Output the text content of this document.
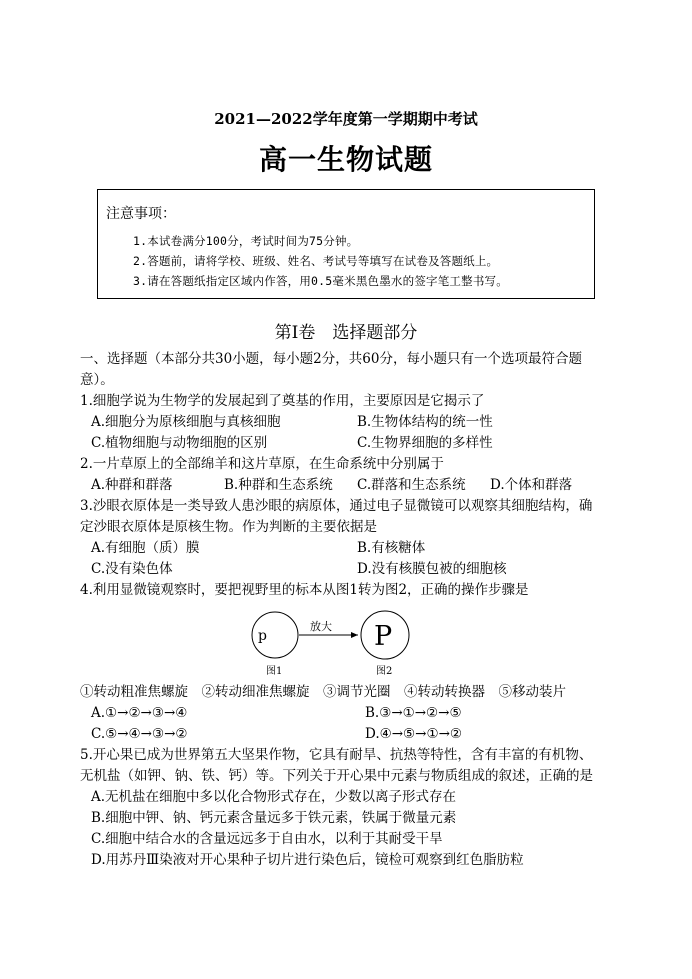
2021—2022学年度第一学期期中考试
高一生物试题
注意事项：
1.本试卷满分100分，考试时间为75分钟。
2.答题前，请将学校、班级、姓名、考试号等填写在试卷及答题纸上。
3.请在答题纸指定区域内作答，用0.5毫米黑色墨水的签字笔工整书写。
第Ⅰ卷　选择题部分
一、选择题（本部分共30小题，每小题2分，共60分，每小题只有一个选项最符合题
意）。
1.细胞学说为生物学的发展起到了奠基的作用，主要原因是它揭示了
A.细胞分为原核细胞与真核细胞	B.生物体结构的统一性
C.植物细胞与动物细胞的区别	C.生物界细胞的多样性
2.一片草原上的全部绵羊和这片草原，在生命系统中分别属于
A.种群和群落	B.种群和生态系统 C.群落和生态系统 D.个体和群落
3.沙眼衣原体是一类导致人患沙眼的病原体，通过电子显微镜可以观察其细胞结构，确
定沙眼衣原体是原核生物。作为判断的主要依据是
A.有细胞（质）膜	B.有核糖体
C.没有染色体	D.没有核膜包被的细胞核
4.利用显微镜观察时，要把视野里的标本从图1转为图2，正确的操作步骤是
p
放大 P
图1	图2
①转动粗准焦螺旋　②转动细准焦螺旋　③调节光圈　④转动转换器　⑤移动装片
A.①→②→③→④	B.③→①→②→⑤
C.⑤→④→③→②	D.④→⑤→①→②
5.开心果已成为世界第五大坚果作物，它具有耐旱、抗热等特性，含有丰富的有机物、
无机盐（如钾、钠、铁、钙）等。下列关于开心果中元素与物质组成的叙述，正确的是
A.无机盐在细胞中多以化合物形式存在，少数以离子形式存在
B.细胞中钾、钠、钙元素含量远多于铁元素，铁属于微量元素
C.细胞中结合水的含量远远多于自由水，以利于其耐受干旱
D.用苏丹Ⅲ染液对开心果种子切片进行染色后，镜检可观察到红色脂肪粒
